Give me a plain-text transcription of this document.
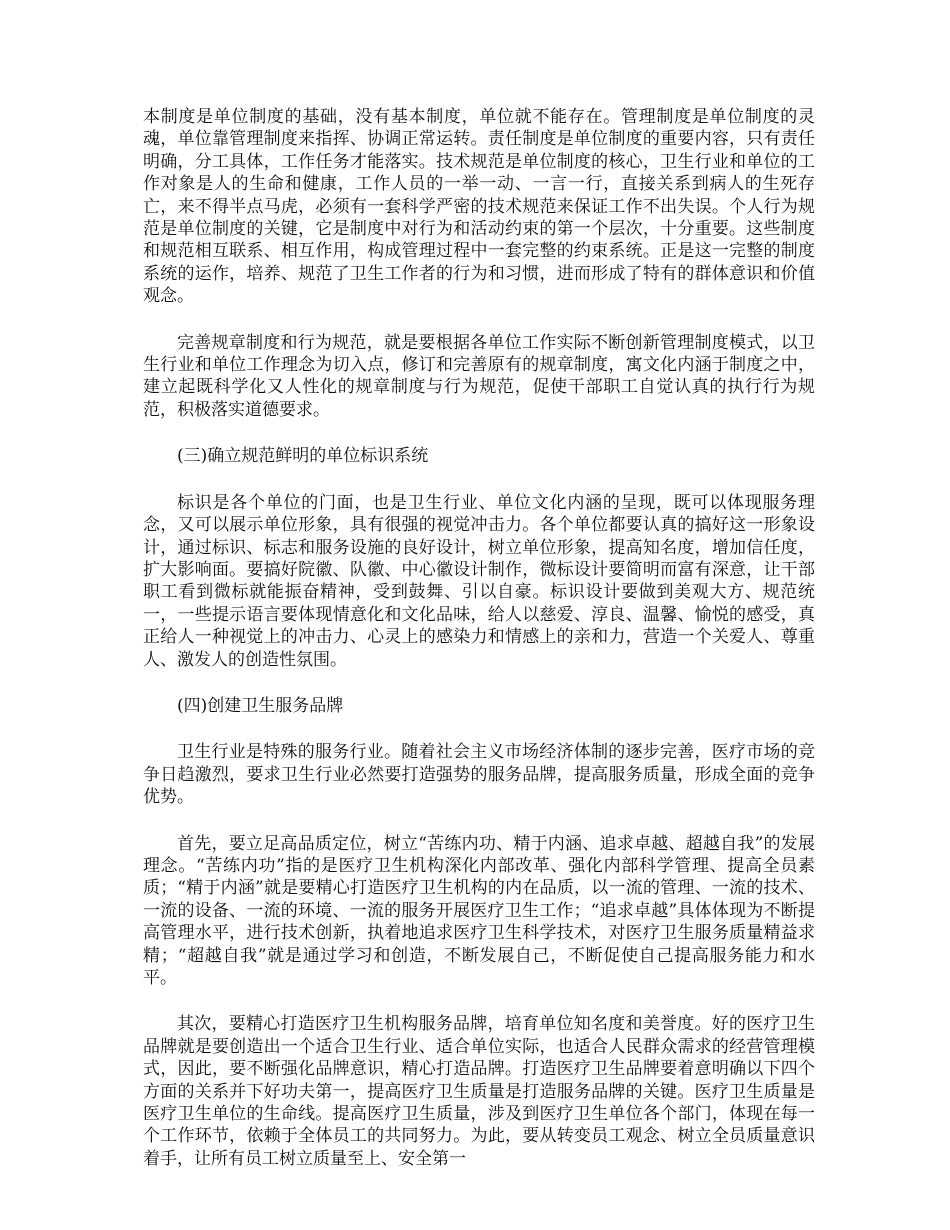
本制度是单位制度的基础，没有基本制度，单位就不能存在。管理制度是单位制度的灵魂，单位靠管理制度来指挥、协调正常运转。责任制度是单位制度的重要内容，只有责任明确，分工具体，工作任务才能落实。技术规范是单位制度的核心，卫生行业和单位的工作对象是人的生命和健康，工作人员的一举一动、一言一行，直接关系到病人的生死存亡，来不得半点马虎，必须有一套科学严密的技术规范来保证工作不出失误。个人行为规范是单位制度的关键，它是制度中对行为和活动约束的第一个层次，十分重要。这些制度和规范相互联系、相互作用，构成管理过程中一套完整的约束系统。正是这一完整的制度系统的运作，培养、规范了卫生工作者的行为和习惯，进而形成了特有的群体意识和价值观念。

完善规章制度和行为规范，就是要根据各单位工作实际不断创新管理制度模式，以卫生行业和单位工作理念为切入点，修订和完善原有的规章制度，寓文化内涵于制度之中，建立起既科学化又人性化的规章制度与行为规范，促使干部职工自觉认真的执行行为规范，积极落实道德要求。

(三)确立规范鲜明的单位标识系统

标识是各个单位的门面，也是卫生行业、单位文化内涵的呈现，既可以体现服务理念，又可以展示单位形象，具有很强的视觉冲击力。各个单位都要认真的搞好这一形象设计，通过标识、标志和服务设施的良好设计，树立单位形象，提高知名度，增加信任度，扩大影响面。要搞好院徽、队徽、中心徽设计制作，微标设计要简明而富有深意，让干部职工看到微标就能振奋精神，受到鼓舞、引以自豪。标识设计要做到美观大方、规范统一，一些提示语言要体现情意化和文化品味，给人以慈爱、淳良、温馨、愉悦的感受，真正给人一种视觉上的冲击力、心灵上的感染力和情感上的亲和力，营造一个关爱人、尊重人、激发人的创造性氛围。

(四)创建卫生服务品牌

卫生行业是特殊的服务行业。随着社会主义市场经济体制的逐步完善，医疗市场的竞争日趋激烈，要求卫生行业必然要打造强势的服务品牌，提高服务质量，形成全面的竞争优势。

首先，要立足高品质定位，树立“苦练内功、精于内涵、追求卓越、超越自我”的发展理念。“苦练内功”指的是医疗卫生机构深化内部改革、强化内部科学管理、提高全员素质；“精于内涵”就是要精心打造医疗卫生机构的内在品质，以一流的管理、一流的技术、一流的设备、一流的环境、一流的服务开展医疗卫生工作；“追求卓越”具体体现为不断提高管理水平，进行技术创新，执着地追求医疗卫生科学技术，对医疗卫生服务质量精益求精；“超越自我”就是通过学习和创造，不断发展自己，不断促使自己提高服务能力和水平。

其次，要精心打造医疗卫生机构服务品牌，培育单位知名度和美誉度。好的医疗卫生品牌就是要创造出一个适合卫生行业、适合单位实际，也适合人民群众需求的经营管理模式，因此，要不断强化品牌意识，精心打造品牌。打造医疗卫生品牌要着意明确以下四个方面的关系并下好功夫第一，提高医疗卫生质量是打造服务品牌的关键。医疗卫生质量是医疗卫生单位的生命线。提高医疗卫生质量，涉及到医疗卫生单位各个部门，体现在每一个工作环节，依赖于全体员工的共同努力。为此，要从转变员工观念、树立全员质量意识着手，让所有员工树立质量至上、安全第一
